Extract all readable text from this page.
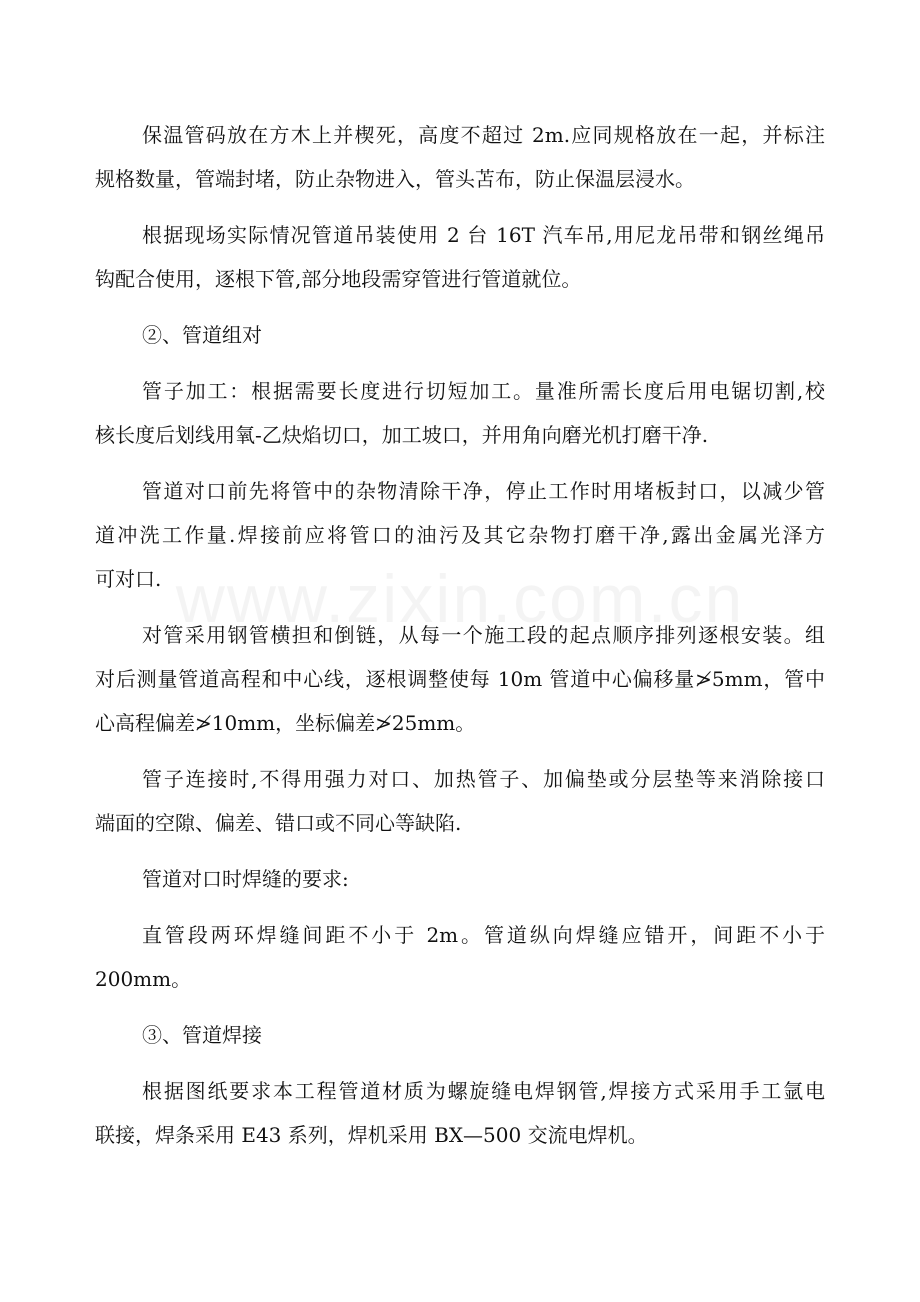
保温管码放在方木上并楔死，高度不超过 2m.应同规格放在一起，并标注
规格数量，管端封堵，防止杂物进入，管头苫布，防止保温层浸水。
根据现场实际情况管道吊装使用 2 台 16T 汽车吊,用尼龙吊带和钢丝绳吊
钩配合使用，逐根下管,部分地段需穿管进行管道就位。
②、管道组对
管子加工：根据需要长度进行切短加工。量准所需长度后用电锯切割,校
核长度后划线用氧-乙炔焰切口，加工坡口，并用角向磨光机打磨干净.
管道对口前先将管中的杂物清除干净，停止工作时用堵板封口，以减少管
道冲洗工作量.焊接前应将管口的油污及其它杂物打磨干净,露出金属光泽方
可对口.
对管采用钢管横担和倒链，从每一个施工段的起点顺序排列逐根安装。组
对后测量管道高程和中心线，逐根调整使每 10m 管道中心偏移量≯5mm，管中
心高程偏差≯10mm，坐标偏差≯25mm。
管子连接时,不得用强力对口、加热管子、加偏垫或分层垫等来消除接口
端面的空隙、偏差、错口或不同心等缺陷.
管道对口时焊缝的要求:
直管段两环焊缝间距不小于 2m。管道纵向焊缝应错开，间距不小于
200mm。
③、管道焊接
根据图纸要求本工程管道材质为螺旋缝电焊钢管,焊接方式采用手工氩电
联接，焊条采用 E43 系列，焊机采用 BX—500 交流电焊机。
